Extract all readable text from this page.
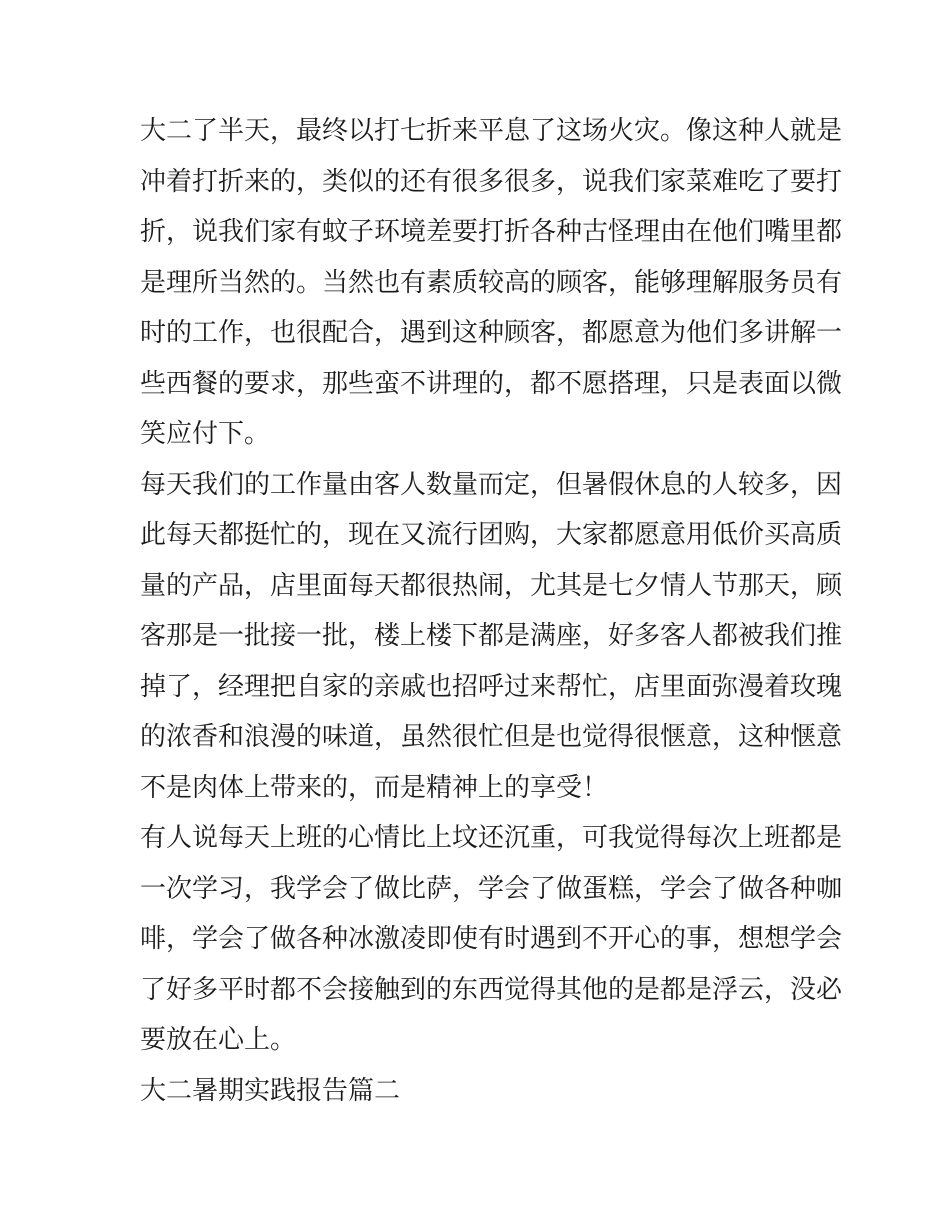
大二了半天，最终以打七折来平息了这场火灾。像这种人就是
冲着打折来的，类似的还有很多很多，说我们家菜难吃了要打
折，说我们家有蚊子环境差要打折各种古怪理由在他们嘴里都
是理所当然的。当然也有素质较高的顾客，能够理解服务员有
时的工作，也很配合，遇到这种顾客，都愿意为他们多讲解一
些西餐的要求，那些蛮不讲理的，都不愿搭理，只是表面以微
笑应付下。
每天我们的工作量由客人数量而定，但暑假休息的人较多，因
此每天都挺忙的，现在又流行团购，大家都愿意用低价买高质
量的产品，店里面每天都很热闹，尤其是七夕情人节那天，顾
客那是一批接一批，楼上楼下都是满座，好多客人都被我们推
掉了，经理把自家的亲戚也招呼过来帮忙，店里面弥漫着玫瑰
的浓香和浪漫的味道，虽然很忙但是也觉得很惬意，这种惬意
不是肉体上带来的，而是精神上的享受！
有人说每天上班的心情比上坟还沉重，可我觉得每次上班都是
一次学习，我学会了做比萨，学会了做蛋糕，学会了做各种咖
啡，学会了做各种冰激凌即使有时遇到不开心的事，想想学会
了好多平时都不会接触到的东西觉得其他的是都是浮云，没必
要放在心上。
大二暑期实践报告篇二
